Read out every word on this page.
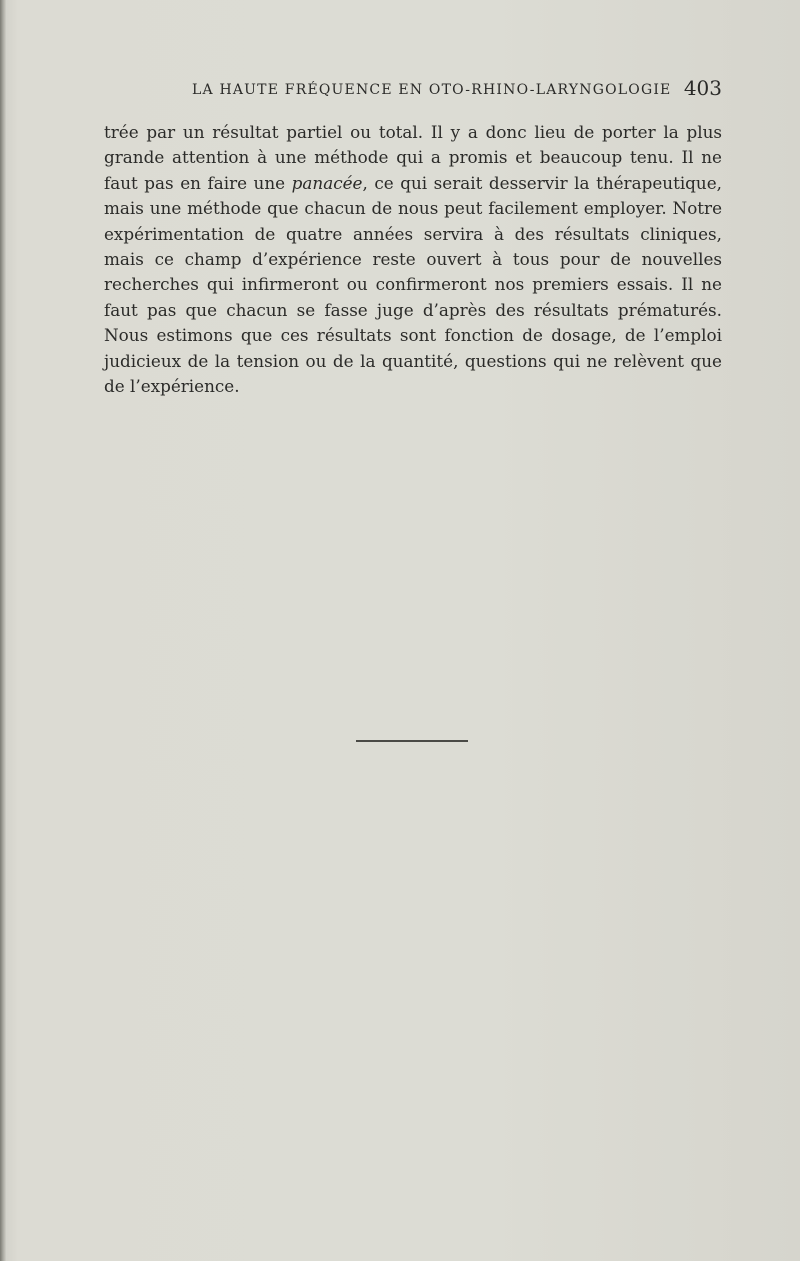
LA HAUTE FRÉQUENCE EN OTO-RHINO-LARYNGOLOGIE 403

trée par un résultat partiel ou total. Il y a donc lieu de porter la plus grande attention à une méthode qui a promis et beaucoup tenu. Il ne faut pas en faire une panacée, ce qui serait desservir la thérapeutique, mais une méthode que chacun de nous peut facilement employer. Notre expérimentation de quatre années servira à des résultats cliniques, mais ce champ d’expérience reste ouvert à tous pour de nouvelles recherches qui infirmeront ou confirmeront nos premiers essais. Il ne faut pas que chacun se fasse juge d’après des résultats prématurés. Nous estimons que ces résultats sont fonction de dosage, de l’emploi judicieux de la tension ou de la quantité, questions qui ne relèvent que de l’expérience.
